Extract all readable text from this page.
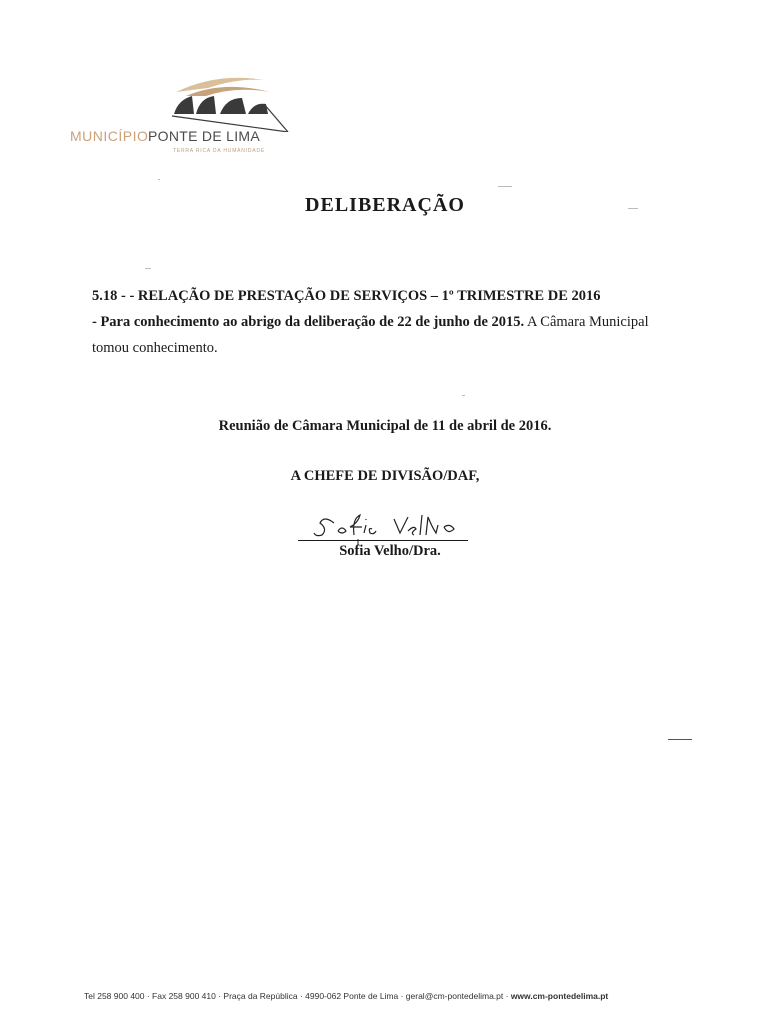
MUNICÍPIO PONTE DE LIMA
TERRA RICA DA HUMANIDADE
DELIBERAÇÃO
5.18 - - RELAÇÃO DE PRESTAÇÃO DE SERVIÇOS – 1º TRIMESTRE DE 2016
- Para conhecimento ao abrigo da deliberação de 22 de junho de 2015. A Câmara Municipal tomou conhecimento.
Reunião de Câmara Municipal de 11 de abril de 2016.
A CHEFE DE DIVISÃO/DAF,
Sofia Velho/Dra.
Tel 258 900 400 · Fax 258 900 410 · Praça da República · 4990-062 Ponte de Lima · geral@cm-pontedelima.pt · www.cm-pontedelima.pt
